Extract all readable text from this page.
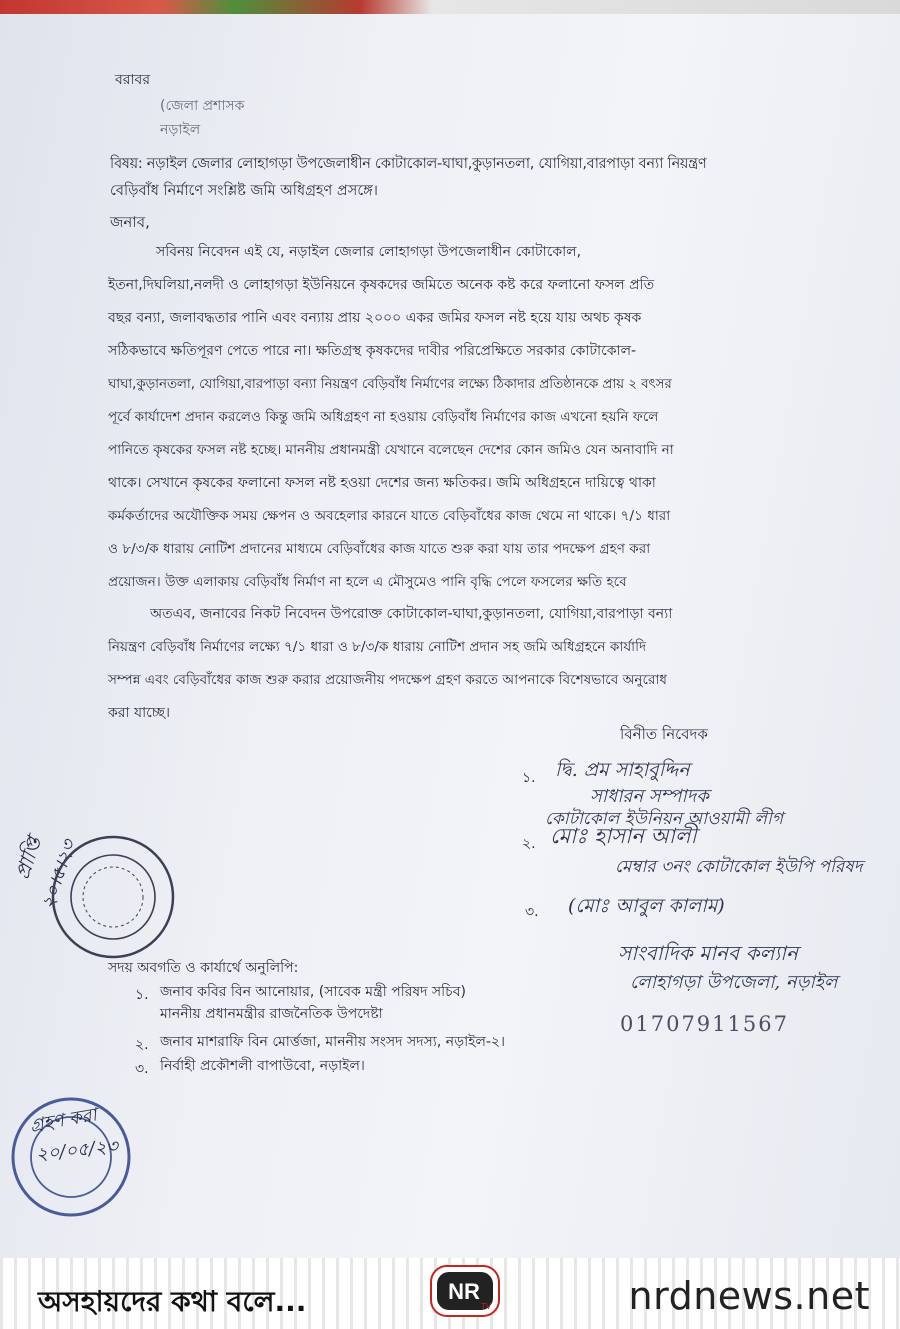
বরাবর
(জেলা প্রশাসক
নড়াইল
বিষয়: নড়াইল জেলার লোহাগড়া উপজেলাধীন কোটাকোল-ঘাঘা,কুড়ানতলা, যোগিয়া,বারপাড়া বন্যা নিয়ন্ত্রণ
বেড়িবাঁধ নির্মাণে সংশ্লিষ্ট জমি অধিগ্রহণ প্রসঙ্গে।
জনাব,
সবিনয় নিবেদন এই যে, নড়াইল জেলার লোহাগড়া উপজেলাধীন কোটাকোল,
ইতনা,দিঘলিয়া,নলদী ও লোহাগড়া ইউনিয়নে কৃষকদের জমিতে অনেক কষ্ট করে ফলানো ফসল প্রতি
বছর বন্যা, জলাবদ্ধতার পানি এবং বন্যায় প্রায় ২০০০ একর জমির ফসল নষ্ট হয়ে যায় অথচ কৃষক
সঠিকভাবে ক্ষতিপূরণ পেতে পারে না। ক্ষতিগ্রস্থ কৃষকদের দাবীর পরিপ্রেক্ষিতে সরকার কোটাকোল-
ঘাঘা,কুড়ানতলা, যোগিয়া,বারপাড়া বন্যা নিয়ন্ত্রণ বেড়িবাঁধ নির্মাণের লক্ষ্যে ঠিকাদার প্রতিষ্ঠানকে প্রায় ২ বৎসর
পূর্বে কার্যাদেশ প্রদান করলেও কিন্তু জমি অধিগ্রহণ না হওয়ায় বেড়িবাঁধ নির্মাণের কাজ এখনো হয়নি ফলে
পানিতে কৃষকের ফসল নষ্ট হচ্ছে। মাননীয় প্রধানমন্ত্রী যেখানে বলেছেন দেশের কোন জমিও যেন অনাবাদি না
থাকে। সেখানে কৃষকের ফলানো ফসল নষ্ট হওয়া দেশের জন্য ক্ষতিকর। জমি অধিগ্রহনে দায়িত্বে থাকা
কর্মকর্তাদের অযৌক্তিক সময় ক্ষেপন ও অবহেলার কারনে যাতে বেড়িবাঁধের কাজ থেমে না থাকে। ৭/১ ধারা
ও ৮/৩/ক ধারায় নোটিশ প্রদানের মাধ্যমে বেড়িবাঁধের কাজ যাতে শুরু করা যায় তার পদক্ষেপ গ্রহণ করা
প্রয়োজন। উক্ত এলাকায় বেড়িবাঁধ নির্মাণ না হলে এ মৌসুমেও পানি বৃদ্ধি পেলে ফসলের ক্ষতি হবে
অতএব, জনাবের নিকট নিবেদন উপরোক্ত কোটাকোল-ঘাঘা,কুড়ানতলা, যোগিয়া,বারপাড়া বন্যা
নিয়ন্ত্রণ বেড়িবাঁধ নির্মাণের লক্ষ্যে ৭/১ ধারা ও ৮/৩/ক ধারায় নোটিশ প্রদান সহ জমি অধিগ্রহনে কার্যাদি
সম্পন্ন এবং বেড়িবাঁধের কাজ শুরু করার প্রয়োজনীয় পদক্ষেপ গ্রহণ করতে আপনাকে বিশেষভাবে অনুরোধ
করা যাচ্ছে।
বিনীত নিবেদক
১. দ্বি. প্রম সাহাবুদ্দিন
সাধারন সম্পাদক
কোটাকোল ইউনিয়ন আওয়ামী লীগ
২. মোঃ হাসান আলী
মেম্বার ৩নং কোটাকোল ইউপি পরিষদ
৩. (মোঃ আবুল কালাম)
সাংবাদিক মানব কল্যান
লোহাগড়া উপজেলা, নড়াইল
01707911567
সদয় অবগতি ও কার্যার্থে অনুলিপি:
১. জনাব কবির বিন আনোয়ার, (সাবেক মন্ত্রী পরিষদ সচিব)
মাননীয় প্রধানমন্ত্রীর রাজনৈতিক উপদেষ্টা
২. জনাব মাশরাফি বিন মোর্ত্তজা, মাননীয় সংসদ সদস্য, নড়াইল-২।
৩. নির্বাহী প্রকৌশলী বাপাউবো, নড়াইল।
প্রাপ্তি
২০।৫।২৩
গ্রহণ করা
২০/০৫/২৩
অসহায়দের কথা বলে...	NR
TV	nrdnews.net
